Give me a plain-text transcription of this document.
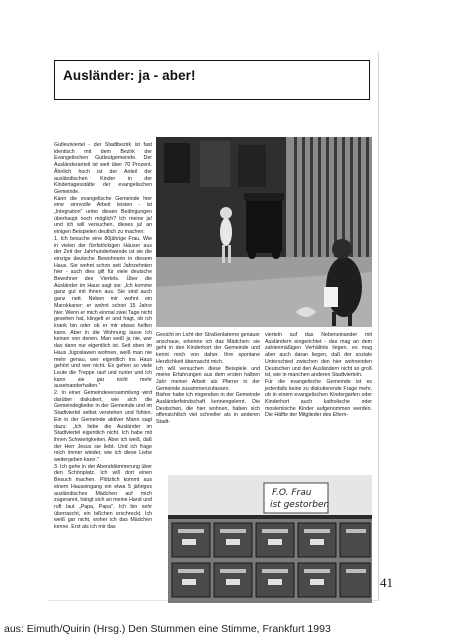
Ausländer: ja - aber!
Gutleutviertel - der Stadtbezirk ist fast identisch mit dem Bezirk der Evangelischen Gutleutgemeinde. Der Ausländeranteil ist weit über 70 Prozent. Ähnlich hoch ist der Anteil der ausländischen Kinder in der Kindertagesstätte der evangelischen Gemeinde.
Kann die evangelische Gemeinde hier eine sinnvolle Arbeit leisten - ist „Integration" unter diesen Bedingungen überhaupt noch möglich? Ich meine ja! und ich will versuchen, dieses ja! an einigen Beispielen deutlich zu machen:
1. Ich besuche eine 80jährige Frau. Wie in vielen der fünfstöckigen Häuser aus der Zeit der Jahrhundertwende ist sie die einzige deutsche Bewohnerin in diesem Haus. Sie wohnt schon seit Jahrzehnten hier - auch dies gilt für viele deutsche Bewohner des Viertels. Über die Ausländer im Haus sagt sie: „Ich komme ganz gut mit ihnen aus. Sie sind auch ganz nett. Neben mir wohnt ein Marokkaner: er wohnt schon 15 Jahre hier. Wenn er mich einmal zwei Tage nicht gesehen hat, klingelt er und fragt, ob ich krank bin oder ob er mir etwas helfen kann. Aber in die Wohnung lasse ich keinen von denen. Man weiß ja nie, wer das dann nur eigentlich ist. Seit oben im Haus Jugoslawen wohnen, weiß man nie mehr genau, wer eigentlich ins Haus gehört und wer nicht. Es gehen so viele Leute die Treppe rauf und runter und ich kann sie gar nicht mehr auseinanderhalten."
2. In einer Gemeindeversammlung wird darüber diskutiert, wie sich die Gemeindeglieder in der Gemeinde und im Stadtviertel selbst verstehen und fühlen. Ein in der Gemeinde aktiver Mann sagt dazu: „Ich liebe die Ausländer im Stadtviertel eigentlich nicht. Ich habe mit ihnen Schwierigkeiten. Aber ich weiß, daß der Herr Jesus sie liebt. Und ich frage mich immer wieder, wie ich diese Liebe weitergeben kann."
3. Ich gehe in der Abenddämmerung über den Schönplatz. Ich will dort einen Besuch machen. Plötzlich kommt aus einem Hauseingang ein etwa 5 jähriges ausländisches Mädchen auf mich zugerannt, hängt sich an meine Hand und ruft laut „Papa, Papa". Ich bin sehr überrascht, ein bißchen erschreckt. Ich weiß gar nicht, woher ich das Mädchen kenne. Erst als ich mir das
Gesicht im Licht der Straßenlaterne genauer anschaue, erkenne ich das Mädchen: sie geht in den Kinderhort der Gemeinde und kennt mich von daher. Ihre spontane Herzlichkeit überrascht mich.
Ich will versuchen diese Beispiele und meine Erfahrungen aus dem ersten halben Jahr meiner Arbeit als Pfarrer in der Gemeinde zusammenzufassen.
Bisher habe ich nirgendwo in der Gemeinde Ausländerfeindschaft kennengelernt. Die Deutschen, die hier wohnen, haben sich offensichtlich viel schneller als in anderen Stadt-
vierteln auf das Nebeneinander mit Ausländern eingerichtet - das mag an dem zahlenmäßigen Verhältnis liegen, es mag aber auch daran liegen, daß der soziale Unterschied zwischen den hier wohnenden Deutschen und den Ausländern nicht so groß ist, wie in manchen anderen Stadtvierteln.
Für die evangelische Gemeinde ist es jedenfalls keine zu diskutierende Frage mehr, ob in einem evangelischen Kindergarten oder Kinderhort auch katholische oder moslemische Kinder aufgenommen werden. Die Hälfte der Mitglieder des Eltern-
F.O. Frau
ist gestorben
3
41
aus: Eimuth/Quirin (Hrsg.) Den Stummen eine Stimme, Frankfurt 1993
